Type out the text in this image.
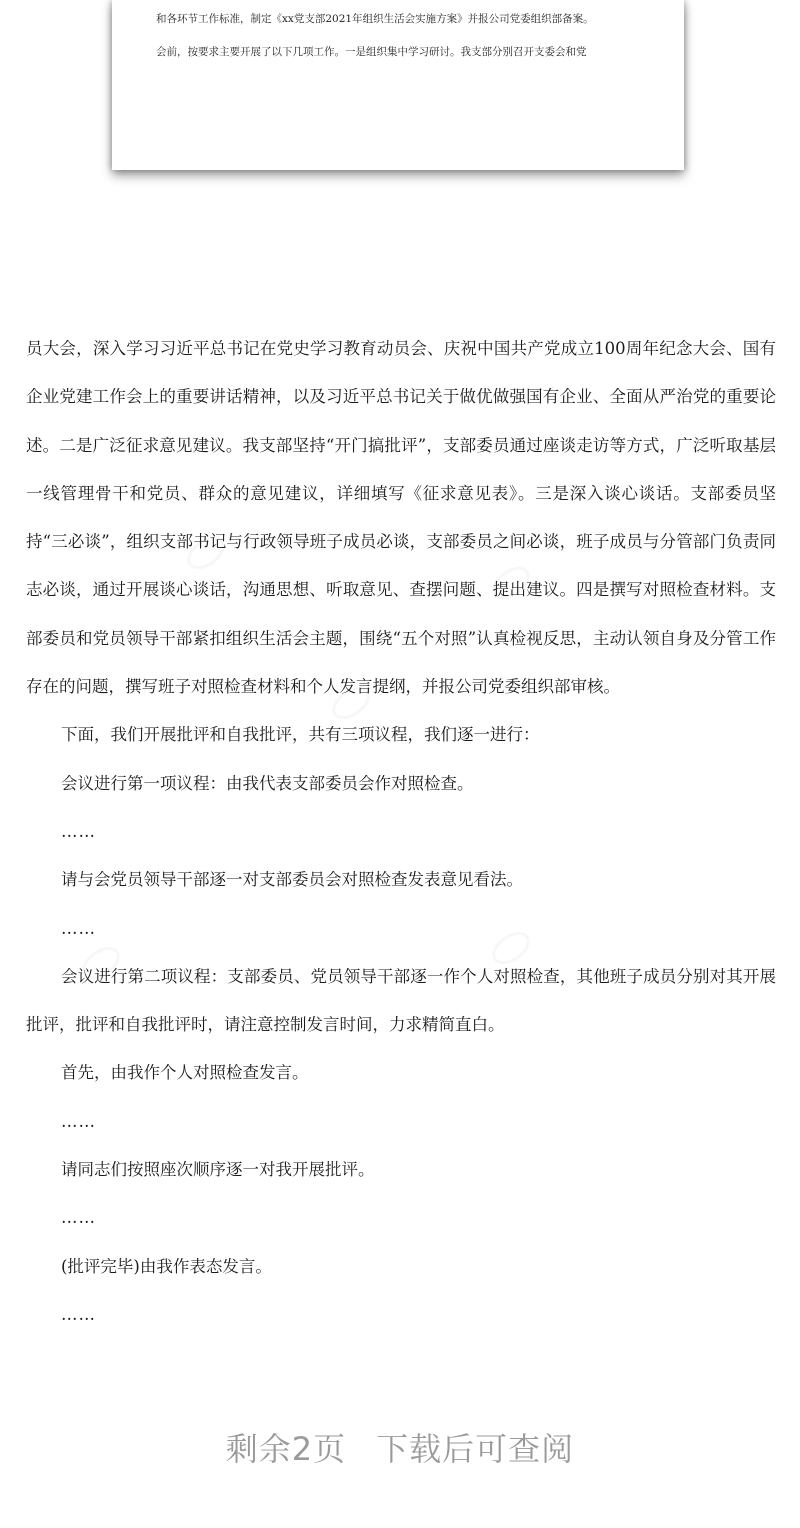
和各环节工作标准，制定《xx党支部2021年组织生活会实施方案》并报公司党委组织部备案。

会前，按要求主要开展了以下几项工作。一是组织集中学习研讨。我支部分别召开支委会和党

员大会，深入学习习近平总书记在党史学习教育动员会、庆祝中国共产党成立100周年纪念大会、国有企业党建工作会上的重要讲话精神，以及习近平总书记关于做优做强国有企业、全面从严治党的重要论述。二是广泛征求意见建议。我支部坚持“开门搞批评”，支部委员通过座谈走访等方式，广泛听取基层一线管理骨干和党员、群众的意见建议，详细填写《征求意见表》。三是深入谈心谈话。支部委员坚持“三必谈”，组织支部书记与行政领导班子成员必谈，支部委员之间必谈，班子成员与分管部门负责同志必谈，通过开展谈心谈话，沟通思想、听取意见、查摆问题、提出建议。四是撰写对照检查材料。支部委员和党员领导干部紧扣组织生活会主题，围绕“五个对照”认真检视反思，主动认领自身及分管工作存在的问题，撰写班子对照检查材料和个人发言提纲，并报公司党委组织部审核。

下面，我们开展批评和自我批评，共有三项议程，我们逐一进行：

会议进行第一项议程：由我代表支部委员会作对照检查。

……

请与会党员领导干部逐一对支部委员会对照检查发表意见看法。

……

会议进行第二项议程：支部委员、党员领导干部逐一作个人对照检查，其他班子成员分别对其开展批评，批评和自我批评时，请注意控制发言时间，力求精简直白。

首先，由我作个人对照检查发言。

……

请同志们按照座次顺序逐一对我开展批评。

……

(批评完毕)由我作表态发言。

……

剩余2页 下载后可查阅
